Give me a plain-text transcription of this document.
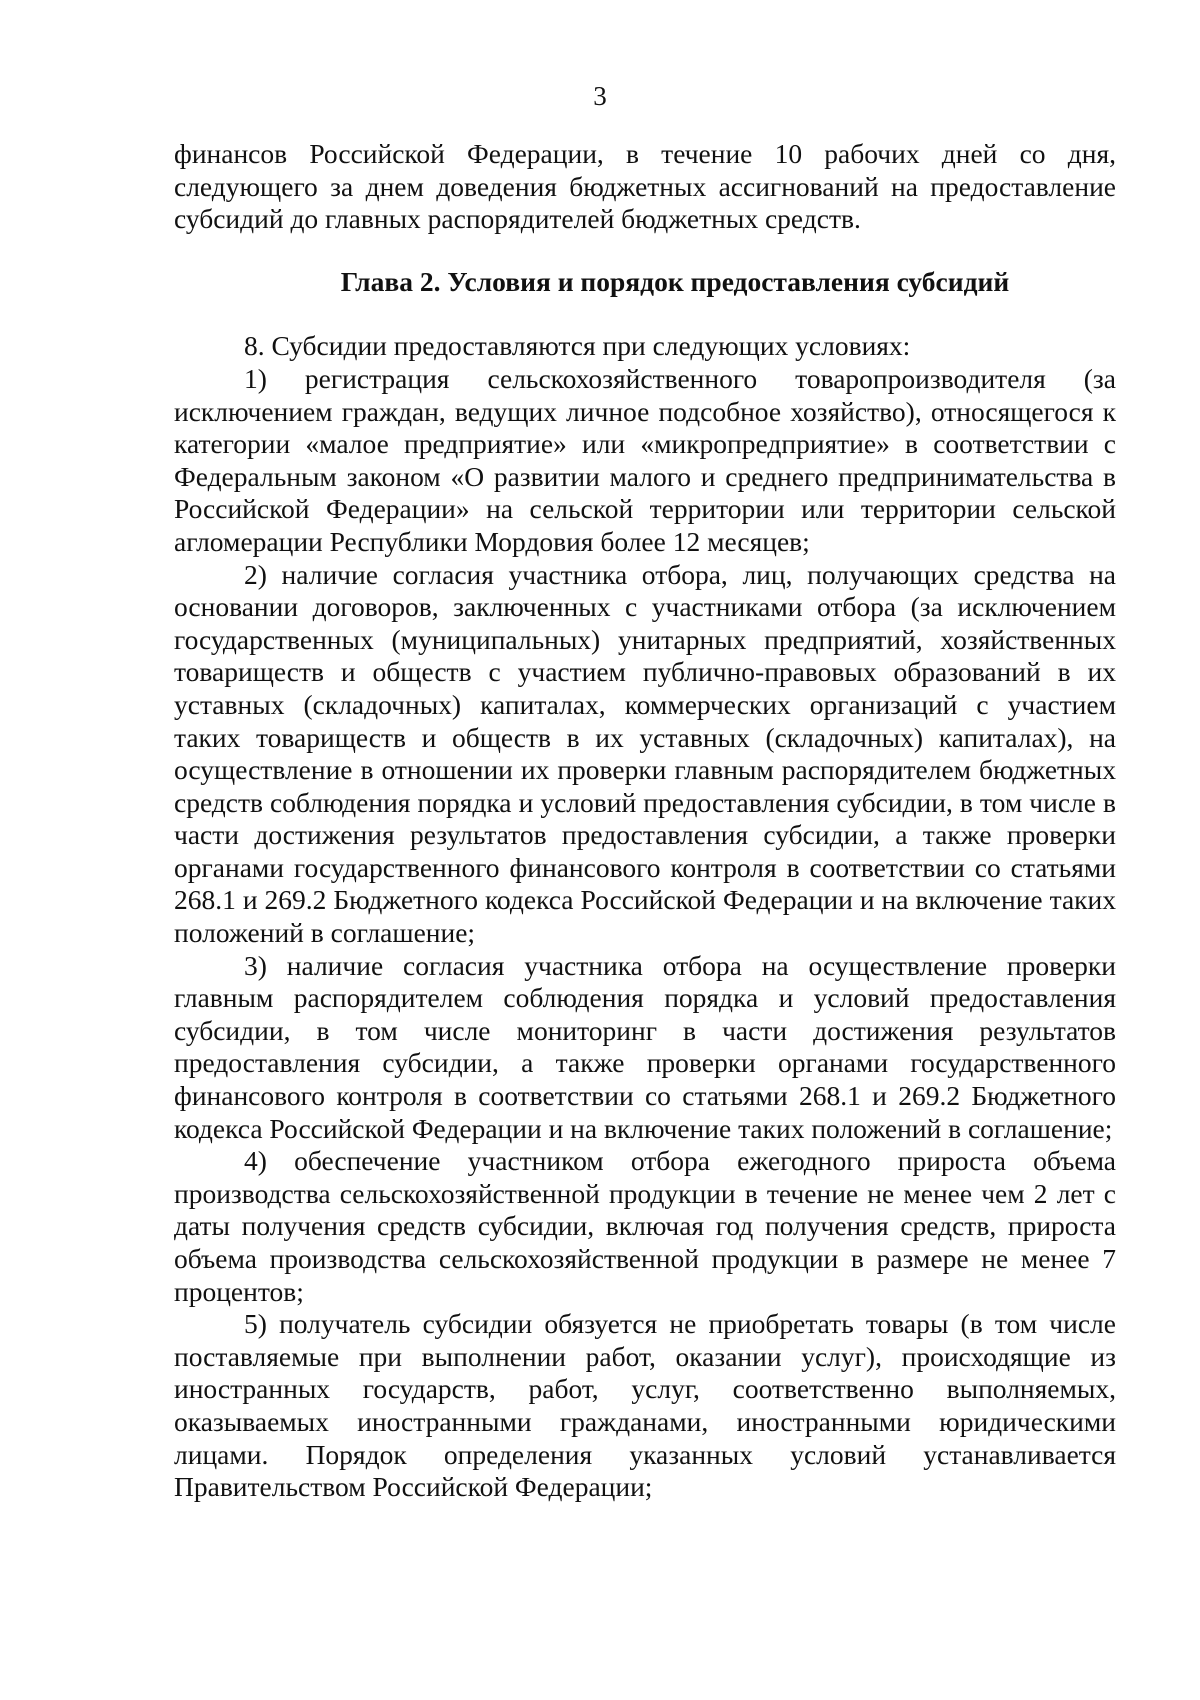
3

финансов Российской Федерации, в течение 10 рабочих дней со дня, следующего за днем доведения бюджетных ассигнований на предоставление субсидий до главных распорядителей бюджетных средств.

Глава 2. Условия и порядок предоставления субсидий

8. Субсидии предоставляются при следующих условиях:

1) регистрация сельскохозяйственного товаропроизводителя (за исключением граждан, ведущих личное подсобное хозяйство), относящегося к категории «малое предприятие» или «микропредприятие» в соответствии с Федеральным законом «О развитии малого и среднего предпринимательства в Российской Федерации» на сельской территории или территории сельской агломерации Республики Мордовия более 12 месяцев;

2) наличие согласия участника отбора, лиц, получающих средства на основании договоров, заключенных с участниками отбора (за исключением государственных (муниципальных) унитарных предприятий, хозяйственных товариществ и обществ с участием публично-правовых образований в их уставных (складочных) капиталах, коммерческих организаций с участием таких товариществ и обществ в их уставных (складочных) капиталах), на осуществление в отношении их проверки главным распорядителем бюджетных средств соблюдения порядка и условий предоставления субсидии, в том числе в части достижения результатов предоставления субсидии, а также проверки органами государственного финансового контроля в соответствии со статьями 268.1 и 269.2 Бюджетного кодекса Российской Федерации и на включение таких положений в соглашение;

3) наличие согласия участника отбора на осуществление проверки главным распорядителем соблюдения порядка и условий предоставления субсидии, в том числе мониторинг в части достижения результатов предоставления субсидии, а также проверки органами государственного финансового контроля в соответствии со статьями 268.1 и 269.2 Бюджетного кодекса Российской Федерации и на включение таких положений в соглашение;

4) обеспечение участником отбора ежегодного прироста объема производства сельскохозяйственной продукции в течение не менее чем 2 лет с даты получения средств субсидии, включая год получения средств, прироста объема производства сельскохозяйственной продукции в размере не менее 7 процентов;

5) получатель субсидии обязуется не приобретать товары (в том числе поставляемые при выполнении работ, оказании услуг), происходящие из иностранных государств, работ, услуг, соответственно выполняемых, оказываемых иностранными гражданами, иностранными юридическими лицами. Порядок определения указанных условий устанавливается Правительством Российской Федерации;
